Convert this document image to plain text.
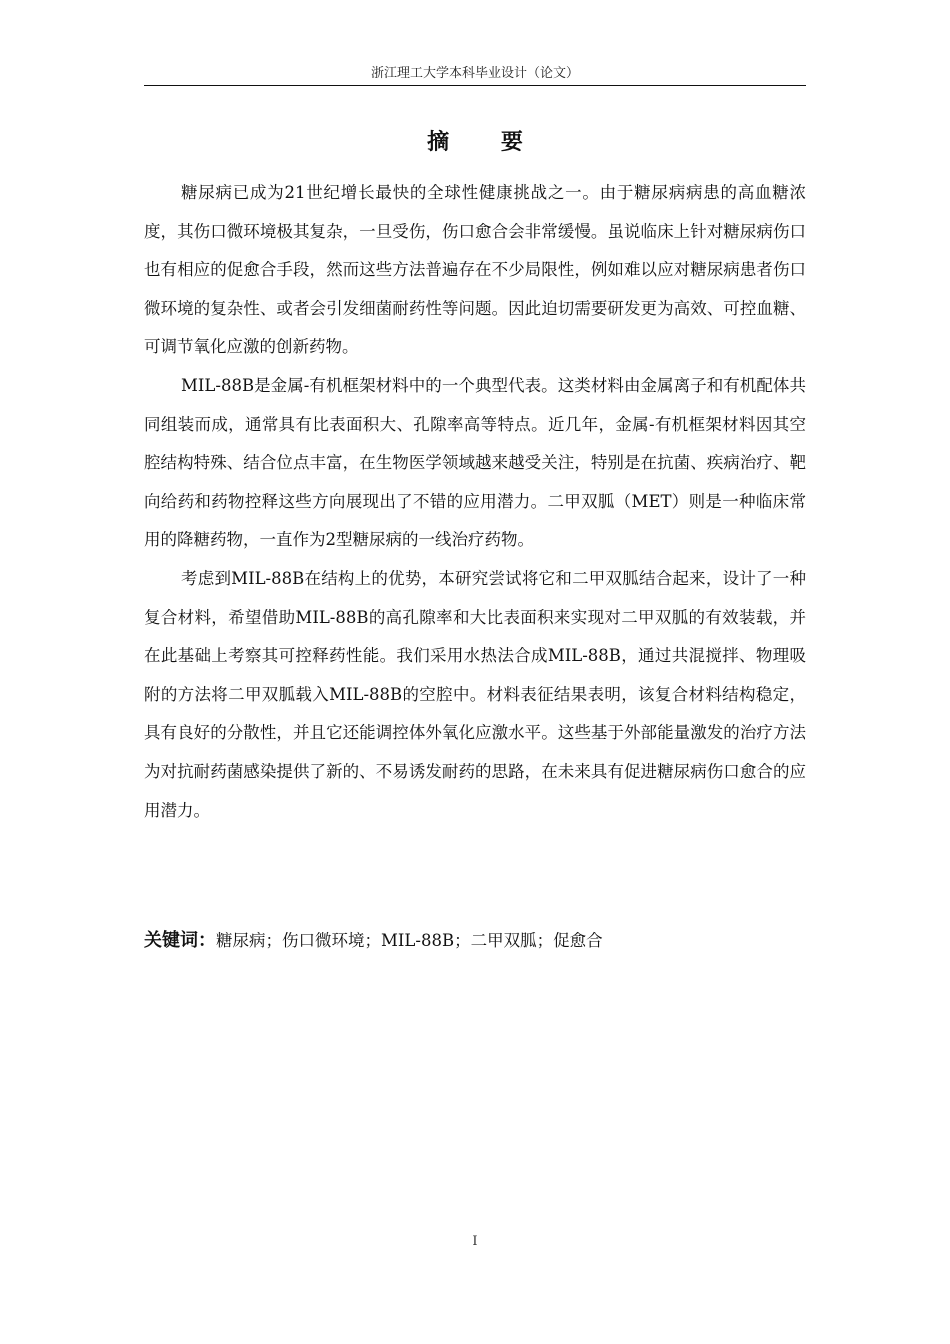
浙江理工大学本科毕业设计（论文）
摘 要

糖尿病已成为21世纪增长最快的全球性健康挑战之一。由于糖尿病病患的高血糖浓度，其伤口微环境极其复杂，一旦受伤，伤口愈合会非常缓慢。虽说临床上针对糖尿病伤口也有相应的促愈合手段，然而这些方法普遍存在不少局限性，例如难以应对糖尿病患者伤口微环境的复杂性、或者会引发细菌耐药性等问题。因此迫切需要研发更为高效、可控血糖、可调节氧化应激的创新药物。

MIL-88B是金属-有机框架材料中的一个典型代表。这类材料由金属离子和有机配体共同组装而成，通常具有比表面积大、孔隙率高等特点。近几年，金属-有机框架材料因其空腔结构特殊、结合位点丰富，在生物医学领域越来越受关注，特别是在抗菌、疾病治疗、靶向给药和药物控释这些方向展现出了不错的应用潜力。二甲双胍（MET）则是一种临床常用的降糖药物，一直作为2型糖尿病的一线治疗药物。

考虑到MIL-88B在结构上的优势，本研究尝试将它和二甲双胍结合起来，设计了一种复合材料，希望借助MIL-88B的高孔隙率和大比表面积来实现对二甲双胍的有效装载，并在此基础上考察其可控释药性能。我们采用水热法合成MIL-88B，通过共混搅拌、物理吸附的方法将二甲双胍载入MIL-88B的空腔中。材料表征结果表明，该复合材料结构稳定，具有良好的分散性，并且它还能调控体外氧化应激水平。这些基于外部能量激发的治疗方法为对抗耐药菌感染提供了新的、不易诱发耐药的思路，在未来具有促进糖尿病伤口愈合的应用潜力。

关键词：糖尿病；伤口微环境；MIL-88B；二甲双胍；促愈合
I
